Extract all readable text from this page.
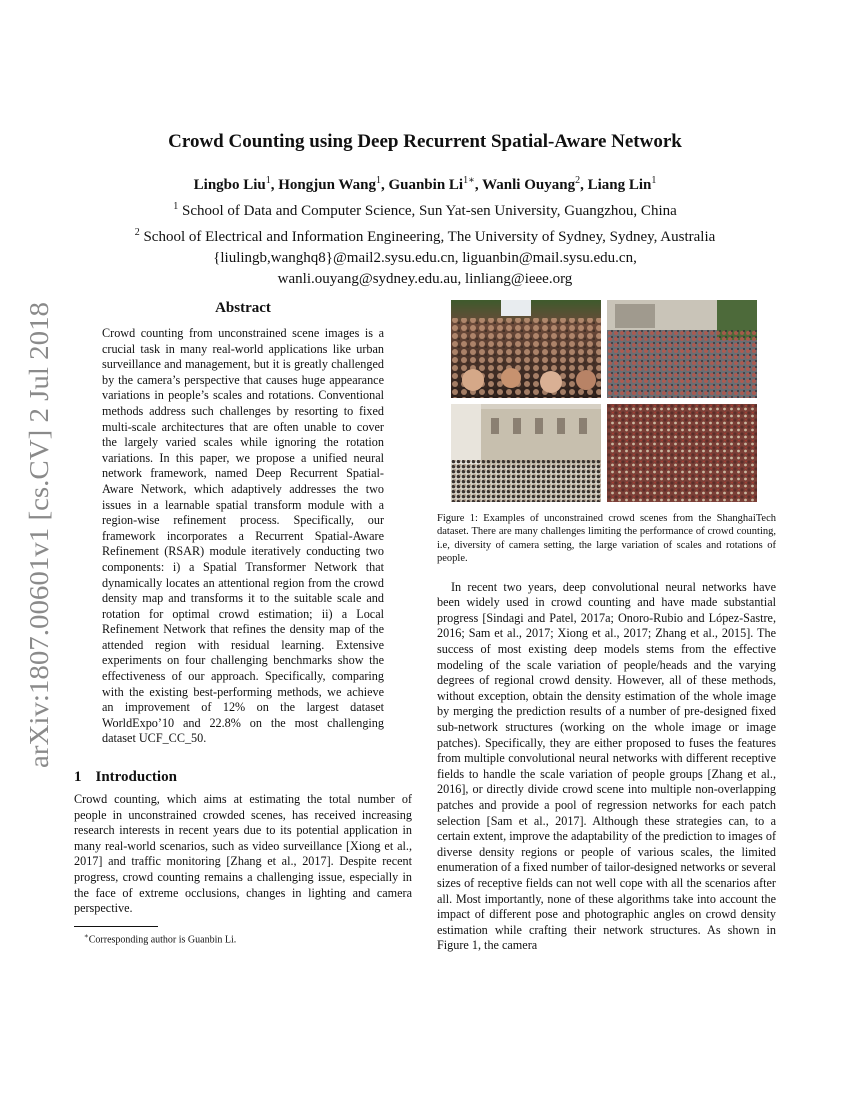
arXiv:1807.00601v1 [cs.CV] 2 Jul 2018
Crowd Counting using Deep Recurrent Spatial-Aware Network
Lingbo Liu$^1$, Hongjun Wang$^1$, Guanbin $Li^{1∗}$, Wanli Ouyang$^2$, Liang Lin$^1$
$^1$ School of Data and Computer Science, Sun Yat-sen University, Guangzhou, China
$^2$ School of Electrical and Information Engineering, The University of Sydney, Sydney, Australia
{liulingb,wanghq8}@mail2.sysu.edu.cn, liguanbin@mail.sysu.edu.cn,
wanli.ouyang@sydney.edu.au, linliang@ieee.org
Abstract

Crowd counting from unconstrained scene images is a crucial task in many real-world applications like urban surveillance and management, but it is greatly challenged by the camera’s perspective that causes huge appearance variations in people’s scales and rotations. Conventional methods address such challenges by resorting to fixed multi-scale architectures that are often unable to cover the largely varied scales while ignoring the rotation variations. In this paper, we propose a unified neural network framework, named Deep Recurrent Spatial-Aware Network, which adaptively addresses the two issues in a learnable spatial transform module with a region-wise refinement process. Specifically, our framework incorporates a Recurrent Spatial-Aware Refinement (RSAR) module iteratively conducting two components: i) a Spatial Transformer Network that dynamically locates an attentional region from the crowd density map and transforms it to the suitable scale and rotation for optimal crowd estimation; ii) a Local Refinement Network that refines the density map of the attended region with residual learning. Extensive experiments on four challenging benchmarks show the effectiveness of our approach. Specifically, comparing with the existing best-performing methods, we achieve an improvement of 12% on the largest dataset WorldExpo’10 and 22.8% on the most challenging dataset UCF_CC_50.

1 Introduction

Crowd counting, which aims at estimating the total number of people in unconstrained crowded scenes, has received increasing research interests in recent years due to its potential application in many real-world scenarios, such as video surveillance [Xiong et al., 2017] and traffic monitoring [Zhang et al., 2017]. Despite recent progress, crowd counting remains a challenging issue, especially in the face of extreme occlusions, changes in lighting and camera perspective.

∗Corresponding author is Guanbin Li.

Figure 1: Examples of unconstrained crowd scenes from the ShanghaiTech dataset. There are many challenges limiting the performance of crowd counting, i.e, diversity of camera setting, the large variation of scales and rotations of people.

In recent two years, deep convolutional neural networks have been widely used in crowd counting and have made substantial progress [Sindagi and Patel, 2017a; Onoro-Rubio and López-Sastre, 2016; Sam et al., 2017; Xiong et al., 2017; Zhang et al., 2015]. The success of most existing deep models stems from the effective modeling of the scale variation of people/heads and the varying degrees of regional crowd density. However, all of these methods, without exception, obtain the density estimation of the whole image by merging the prediction results of a number of pre-designed fixed sub-network structures (working on the whole image or image patches). Specifically, they are either proposed to fuses the features from multiple convolutional neural networks with different receptive fields to handle the scale variation of people groups [Zhang et al., 2016], or directly divide crowd scene into multiple non-overlapping patches and provide a pool of regression networks for each patch selection [Sam et al., 2017]. Although these strategies can, to a certain extent, improve the adaptability of the prediction to images of diverse density regions or people of various scales, the limited enumeration of a fixed number of tailor-designed networks or several sizes of receptive fields can not well cope with all the scenarios after all. Most importantly, none of these algorithms take into account the impact of different pose and photographic angles on crowd density estimation while crafting their network structures. As shown in Figure 1, the camera
